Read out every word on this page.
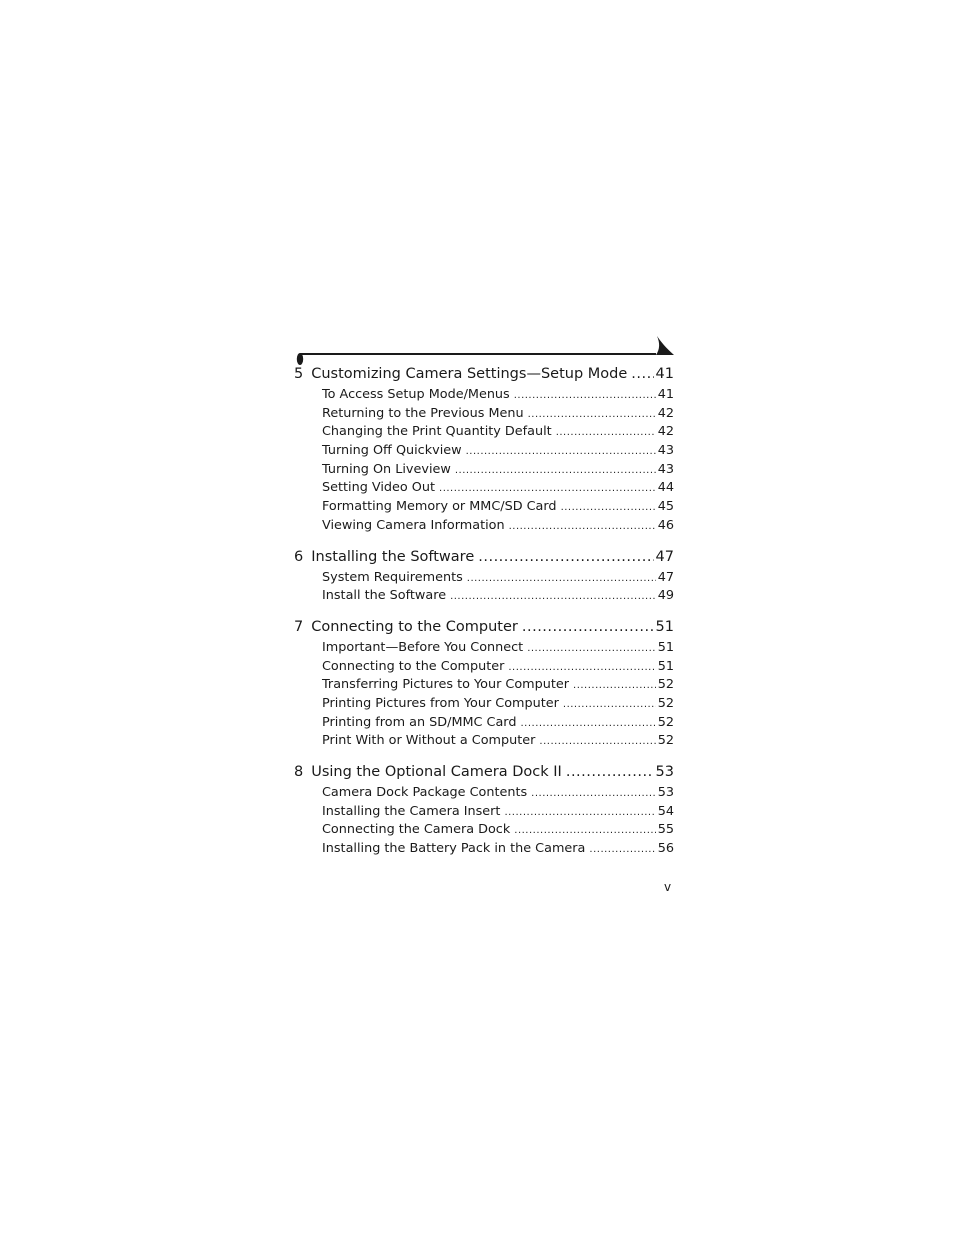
5 Customizing Camera Settings—Setup Mode ..... 41
To Access Setup Mode/Menus .....	41
Returning to the Previous Menu .....	42
Changing the Print Quantity Default .....	42
Turning Off Quickview .....	43
Turning On Liveview .....	43
Setting Video Out .....	44
Formatting Memory or MMC/SD Card .....	45
Viewing Camera Information .....	46
6 Installing the Software .....	47
System Requirements .....	47
Install the Software .....	49
7 Connecting to the Computer .....	51
Important—Before You Connect .....	51
Connecting to the Computer .....	51
Transferring Pictures to Your Computer .....	52
Printing Pictures from Your Computer .....	52
Printing from an SD/MMC Card .....	52
Print With or Without a Computer .....	52
8 Using the Optional Camera Dock II .....	53
Camera Dock Package Contents .....	53
Installing the Camera Insert .....	54
Connecting the Camera Dock .....	55
Installing the Battery Pack in the Camera .....	56
v
